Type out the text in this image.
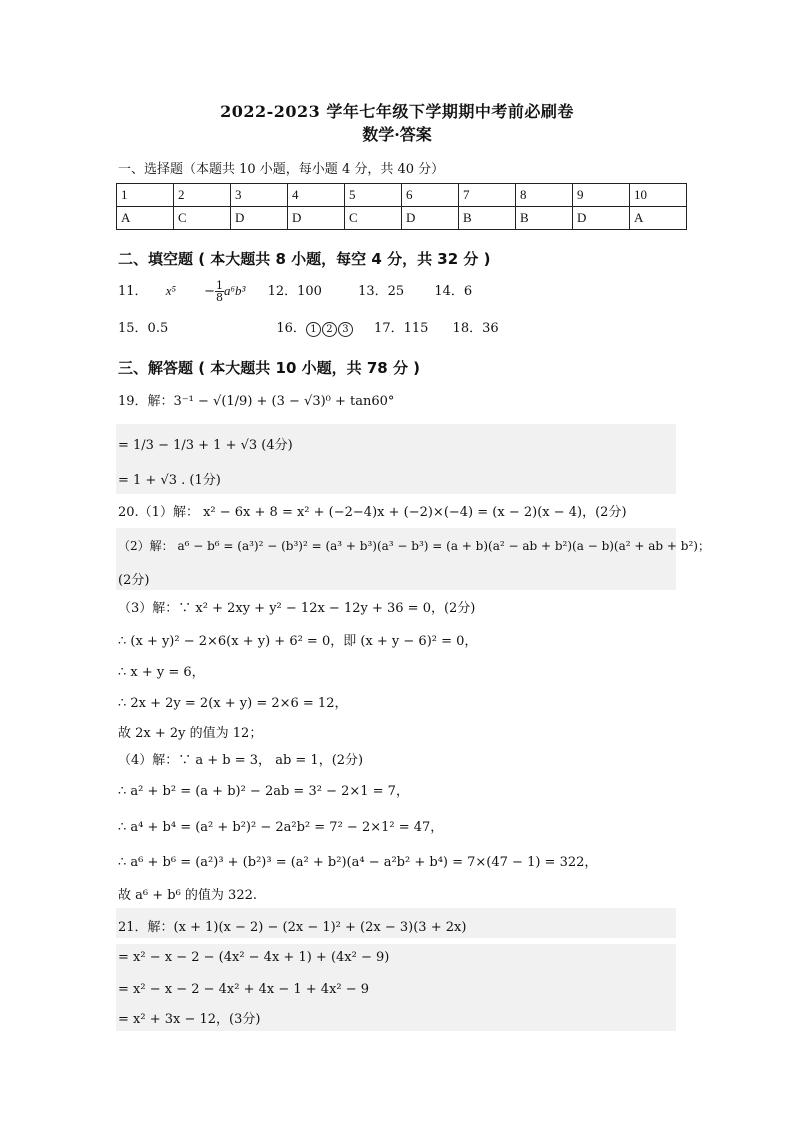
2022-2023 学年七年级下学期期中考前必刷卷
数学·答案
一、选择题（本题共 10 小题，每小题 4 分，共 40 分）
1	2	3	4	5	6	7	8	9	10
A	C	D	D	C	D	B	B	D	A
二、填空题 ( 本大题共 8 小题，每空 4 分，共 32 分 )
11． $x^5 - \frac{1}{8} a^6b^3$ 12．100	13．25 14．6
15．0.5	16． 1 2 3 17．115 18．36
三、解答题 ( 本大题共 10 小题，共 78 分 )
19．解：3⁻¹ − √(1/9) + (3 − √3)⁰ + tan60°
= 1/3 − 1/3 + 1 + √3 (4分)
= 1 + √3 . (1分)
20.（1）解： x² − 6x + 8 = x² + (−2−4)x + (−2)×(−4) = (x − 2)(x − 4)，(2分)
（2）解： a⁶ − b⁶ = (a³)² − (b³)² = (a³ + b³)(a³ − b³) = (a + b)(a² − ab + b²)(a − b)(a² + ab + b²)；
(2分)
（3）解：∵ x² + 2xy + y² − 12x − 12y + 36 = 0，(2分)
∴ (x + y)² − 2×6(x + y) + 6² = 0，即 (x + y − 6)² = 0，
∴ x + y = 6，
∴ 2x + 2y = 2(x + y) = 2×6 = 12，
故 2x + 2y 的值为 12；
（4）解：∵ a + b = 3， ab = 1，(2分)
∴ a² + b² = (a + b)² − 2ab = 3² − 2×1 = 7，
∴ a⁴ + b⁴ = (a² + b²)² − 2a²b² = 7² − 2×1² = 47，
∴ a⁶ + b⁶ = (a²)³ + (b²)³ = (a² + b²)(a⁴ − a²b² + b⁴) = 7×(47 − 1) = 322，
故 a⁶ + b⁶ 的值为 322.
21．解：(x + 1)(x − 2) − (2x − 1)² + (2x − 3)(3 + 2x)
= x² − x − 2 − (4x² − 4x + 1) + (4x² − 9)
= x² − x − 2 − 4x² + 4x − 1 + 4x² − 9
= x² + 3x − 12，(3分)
